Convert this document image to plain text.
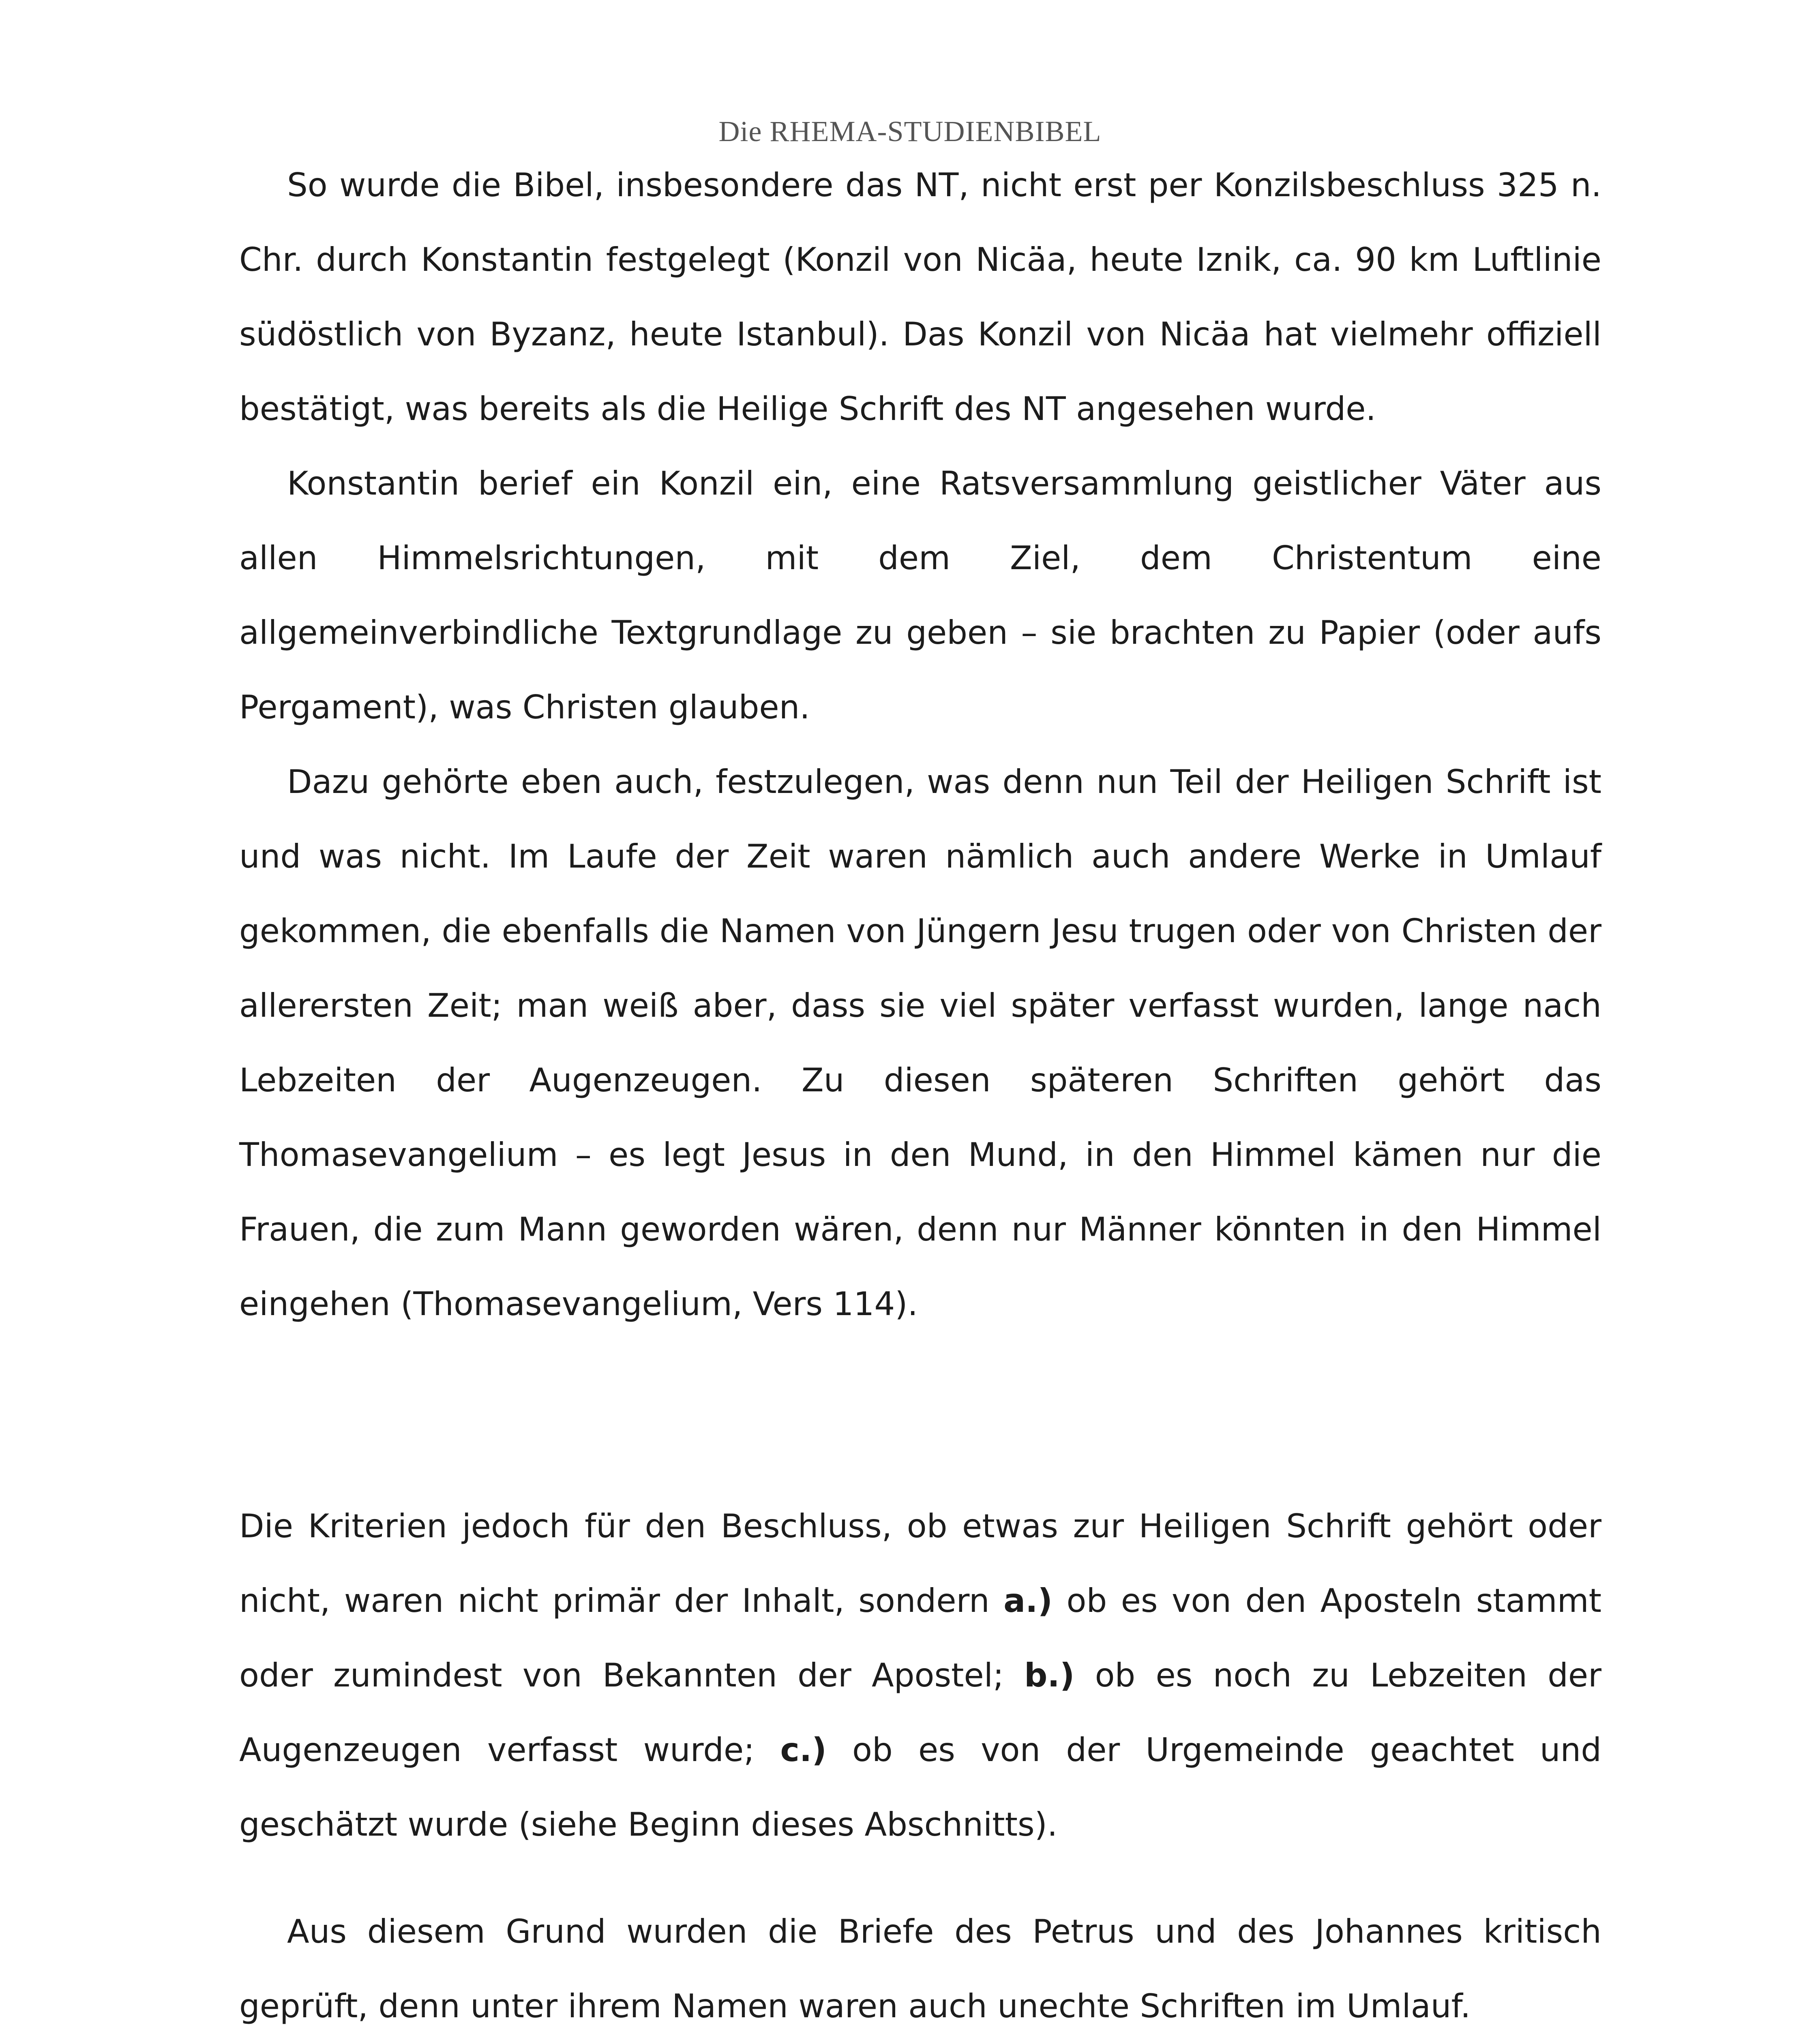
Die RHEMA-STUDIENBIBEL

So wurde die Bibel, insbesondere das NT, nicht erst per Konzilsbeschluss 325 n. Chr. durch Konstantin festgelegt (Konzil von Nicäa, heute Iznik, ca. 90 km Luftlinie südöstlich von Byzanz, heute Istanbul). Das Konzil von Nicäa hat vielmehr offiziell bestätigt, was bereits als die Heilige Schrift des NT angesehen wurde.

Konstantin berief ein Konzil ein, eine Ratsversammlung geistlicher Väter aus allen Himmelsrichtungen, mit dem Ziel, dem Christentum eine allgemeinverbindliche Textgrundlage zu geben – sie brachten zu Papier (oder aufs Pergament), was Christen glauben.

Dazu gehörte eben auch, festzulegen, was denn nun Teil der Heiligen Schrift ist und was nicht. Im Laufe der Zeit waren nämlich auch andere Werke in Umlauf gekommen, die ebenfalls die Namen von Jüngern Jesu trugen oder von Christen der allerersten Zeit; man weiß aber, dass sie viel später verfasst wurden, lange nach Lebzeiten der Augenzeugen. Zu diesen späteren Schriften gehört das Thomasevangelium – es legt Jesus in den Mund, in den Himmel kämen nur die Frauen, die zum Mann geworden wären, denn nur Männer könnten in den Himmel eingehen (Thomasevangelium, Vers 114).

Die Kriterien jedoch für den Beschluss, ob etwas zur Heiligen Schrift gehört oder nicht, waren nicht primär der Inhalt, sondern a.) ob es von den Aposteln stammt oder zumindest von Bekannten der Apostel; b.) ob es noch zu Lebzeiten der Augenzeugen verfasst wurde; c.) ob es von der Urgemeinde geachtet und geschätzt wurde (siehe Beginn dieses Abschnitts).

Aus diesem Grund wurden die Briefe des Petrus und des Johannes kritisch geprüft, denn unter ihrem Namen waren auch unechte Schriften im Umlauf.
